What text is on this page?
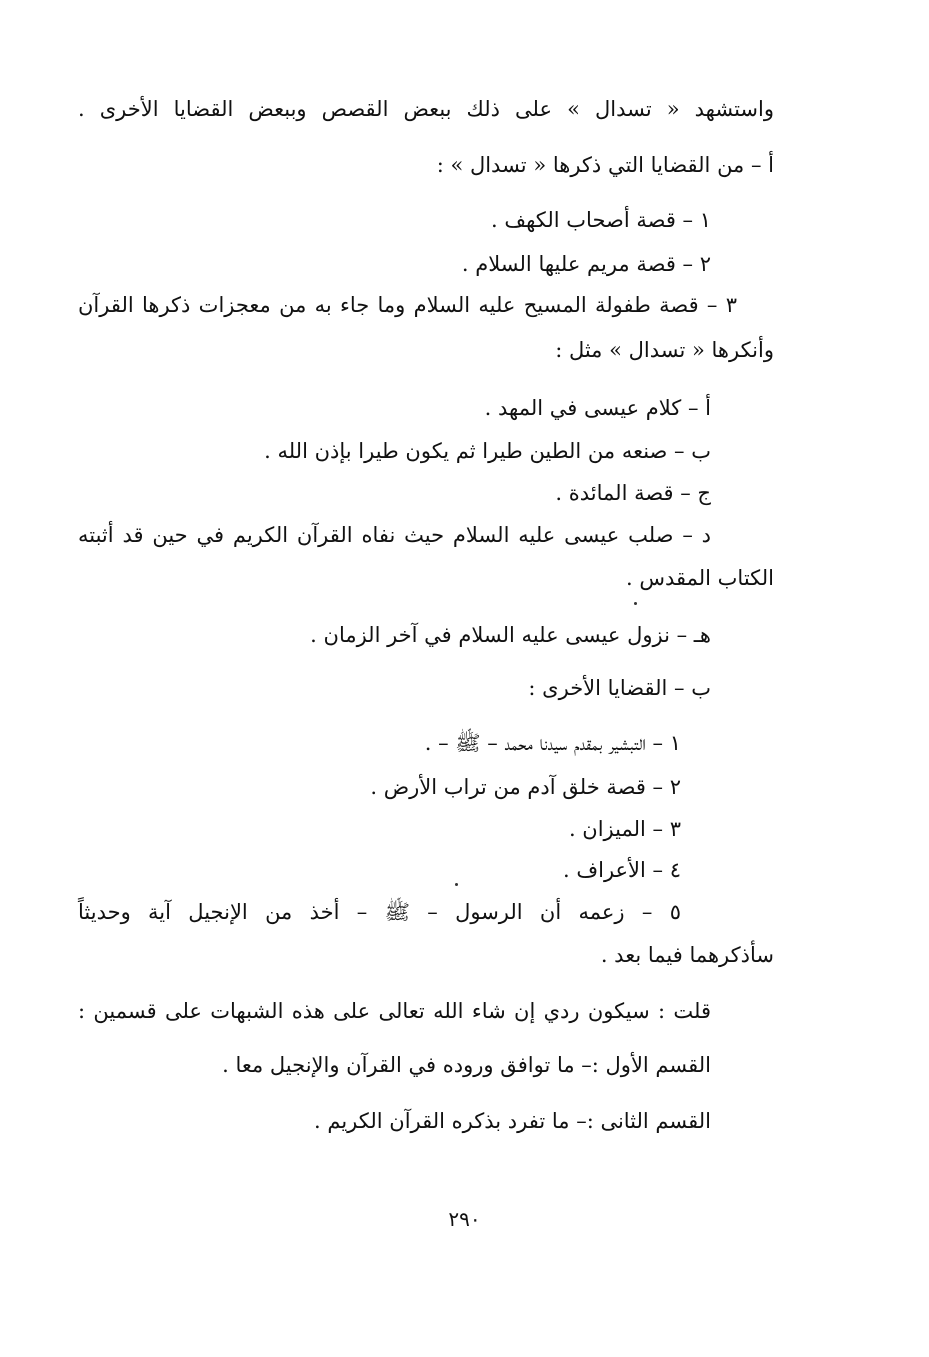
واستشهد « تسدال » على ذلك ببعض القصص وببعض القضايا الأخرى .
أ – من القضايا التي ذكرها « تسدال » :
١ – قصة أصحاب الكهف .
٢ – قصة مريم عليها السلام .
٣ – قصة طفولة المسيح عليه السلام وما جاء به من معجزات ذكرها القرآن
وأنكرها « تسدال » مثل :
أ – كلام عيسى في المهد .
ب – صنعه من الطين طيرا ثم يكون طيرا بإذن الله .
ج – قصة المائدة .
د – صلب عيسى عليه السلام حيث نفاه القرآن الكريم في حين قد أثبته
الكتاب المقدس .
هـ – نزول عيسى عليه السلام في آخر الزمان .
ب – القضايا الأخرى :
١ – التبشير بمقدم سيدنا محمد – ﷺ – .
٢ – قصة خلق آدم من تراب الأرض .
٣ – الميزان .
٤ – الأعراف .
٥ – زعمه أن الرسول – ﷺ – أخذ من الإنجيل آية وحديثاً
سأذكرهما فيما بعد .
قلت : سيكون ردي إن شاء الله تعالى على هذه الشبهات على قسمين :
القسم الأول :– ما توافق وروده في القرآن والإنجيل معا .
القسم الثانى :– ما تفرد بذكره القرآن الكريم .
٢٩٠
